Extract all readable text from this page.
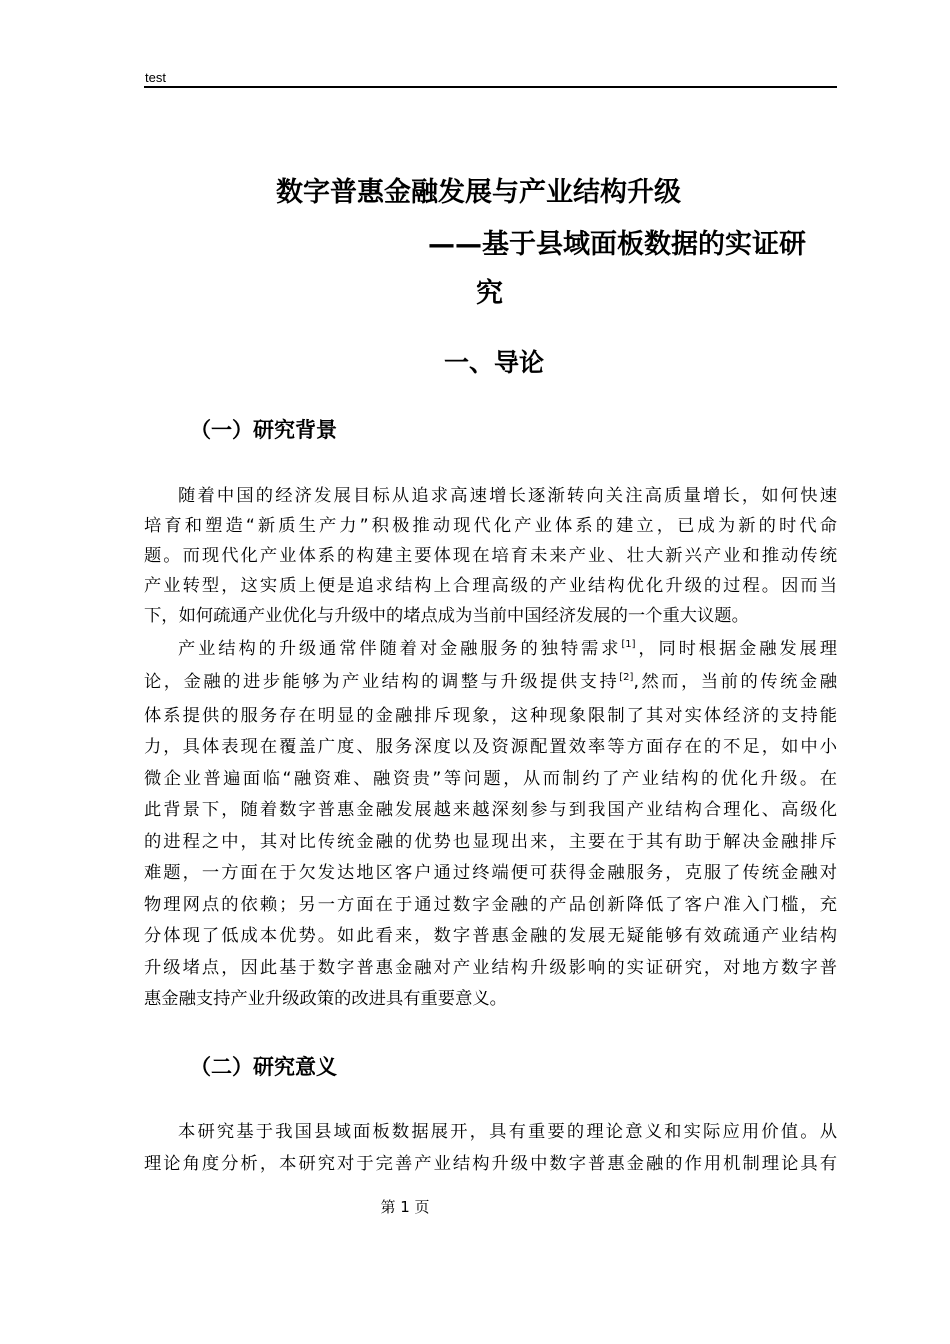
test
数字普惠金融发展与产业结构升级
——基于县域面板数据的实证研
究
一、导论
（一）研究背景
随着中国的经济发展目标从追求高速增长逐渐转向关注高质量增长，如何快速
培育和塑造“新质生产力”积极推动现代化产业体系的建立，已成为新的时代命
题。而现代化产业体系的构建主要体现在培育未来产业、壮大新兴产业和推动传统
产业转型，这实质上便是追求结构上合理高级的产业结构优化升级的过程。因而当
下，如何疏通产业优化与升级中的堵点成为当前中国经济发展的一个重大议题。
产业结构的升级通常伴随着对金融服务的独特需求[1]，同时根据金融发展理
论，金融的进步能够为产业结构的调整与升级提供支持[2],然而，当前的传统金融
体系提供的服务存在明显的金融排斥现象，这种现象限制了其对实体经济的支持能
力，具体表现在覆盖广度、服务深度以及资源配置效率等方面存在的不足，如中小
微企业普遍面临“融资难、融资贵”等问题，从而制约了产业结构的优化升级。在
此背景下，随着数字普惠金融发展越来越深刻参与到我国产业结构合理化、高级化
的进程之中，其对比传统金融的优势也显现出来，主要在于其有助于解决金融排斥
难题，一方面在于欠发达地区客户通过终端便可获得金融服务，克服了传统金融对
物理网点的依赖；另一方面在于通过数字金融的产品创新降低了客户准入门槛，充
分体现了低成本优势。如此看来，数字普惠金融的发展无疑能够有效疏通产业结构
升级堵点，因此基于数字普惠金融对产业结构升级影响的实证研究，对地方数字普
惠金融支持产业升级政策的改进具有重要意义。
（二）研究意义
本研究基于我国县域面板数据展开，具有重要的理论意义和实际应用价值。从
理论角度分析，本研究对于完善产业结构升级中数字普惠金融的作用机制理论具有
第 1 页
